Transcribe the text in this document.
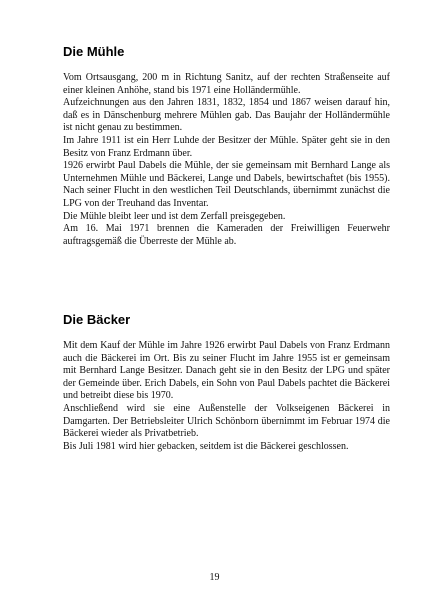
Die Mühle

Vom Ortsausgang, 200 m in Richtung Sanitz, auf der rechten Straßenseite auf einer kleinen Anhöhe, stand bis 1971 eine Holländermühle.

Aufzeichnungen aus den Jahren 1831, 1832, 1854 und 1867 weisen darauf hin, daß es in Dänschenburg mehrere Mühlen gab. Das Baujahr der Holländermühle ist nicht genau zu bestimmen.

Im Jahre 1911 ist ein Herr Luhde der Besitzer der Mühle. Später geht sie in den Besitz von Franz Erdmann über.

1926 erwirbt Paul Dabels die Mühle, der sie gemeinsam mit Bernhard Lange als Unternehmen Mühle und Bäckerei, Lange und Dabels, bewirtschaftet (bis 1955). Nach seiner Flucht in den westlichen Teil Deutschlands, übernimmt zunächst die LPG von der Treuhand das Inventar.

Die Mühle bleibt leer und ist dem Zerfall preisgegeben.

Am 16. Mai 1971 brennen die Kameraden der Freiwilligen Feuerwehr auftragsgemäß die Überreste der Mühle ab.

Die Bäcker

Mit dem Kauf der Mühle im Jahre 1926 erwirbt Paul Dabels von Franz Erdmann auch die Bäckerei im Ort. Bis zu seiner Flucht im Jahre 1955 ist er gemeinsam mit Bernhard Lange Besitzer. Danach geht sie in den Besitz der LPG und später der Gemeinde über. Erich Dabels, ein Sohn von Paul Dabels pachtet die Bäckerei und betreibt diese bis 1970.

Anschließend wird sie eine Außenstelle der Volkseigenen Bäckerei in Damgarten. Der Betriebsleiter Ulrich Schönborn übernimmt im Februar 1974 die Bäckerei wieder als Privatbetrieb.

Bis Juli 1981 wird hier gebacken, seitdem ist die Bäckerei geschlossen.

19
